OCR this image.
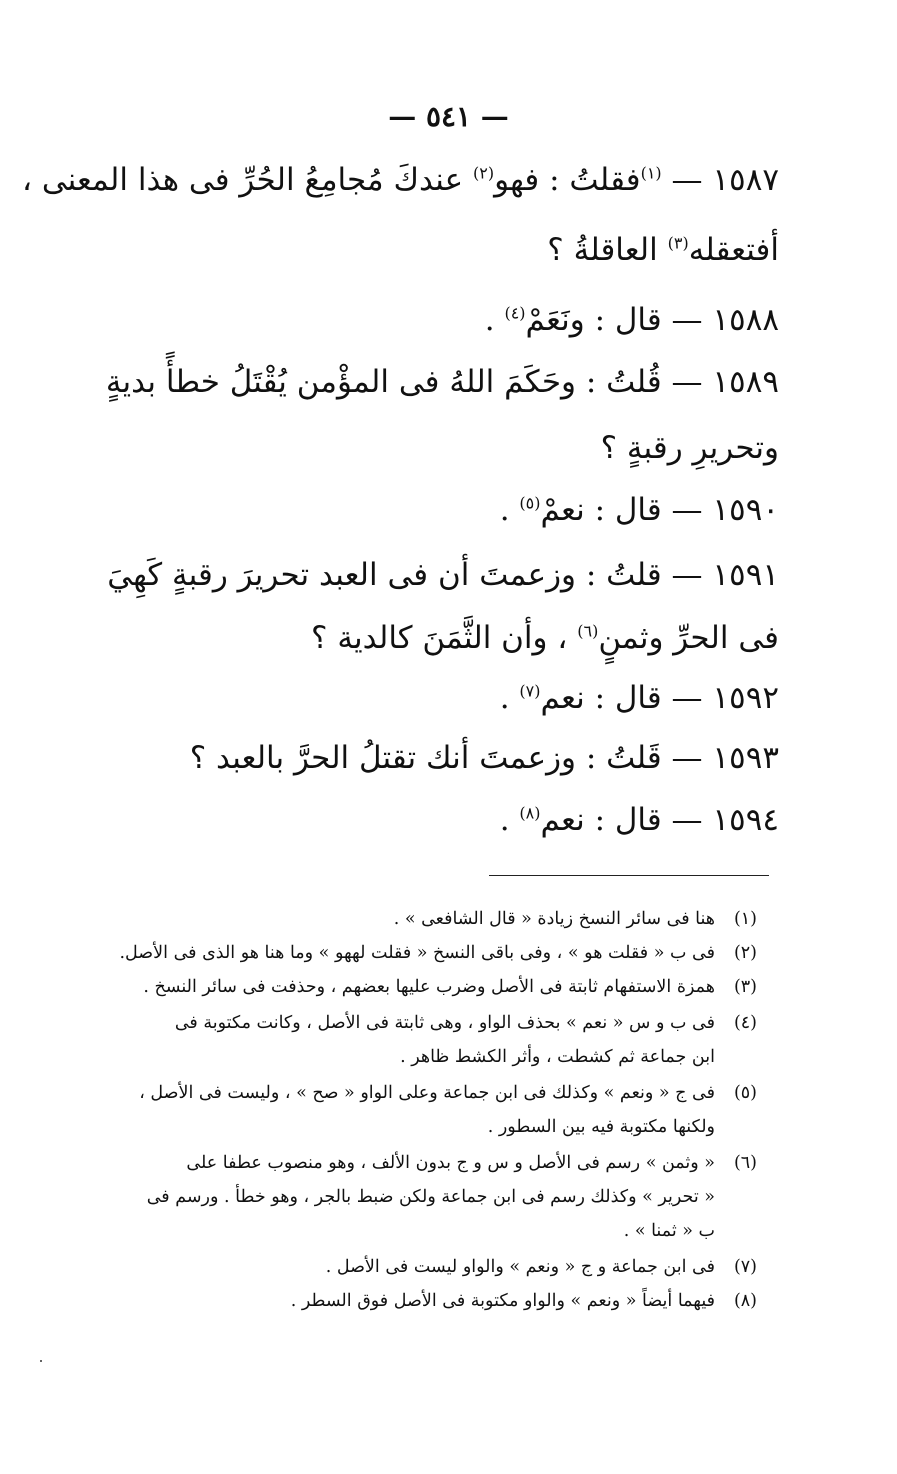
— ٥٤١ —
١٥٨٧ — $^{(١)}$فقلتُ : فهو$^{(٢)}$ عندكَ مُجامِعُ الحُرِّ فى هذا المعنى ،
أفتعقله$^{(٣)}$ العاقلةُ ؟
١٥٨٨ — قال : ونَعَمْ$^{(٤)}$ .
١٥٨٩ — قُلتُ : وحَكَمَ اللهُ فى المؤْمن يُقْتَلُ خطأً بديةٍ
وتحريرِ رقبةٍ ؟
١٥٩٠ — قال : نعمْ$^{(٥)}$ .
١٥٩١ — قلتُ : وزعمتَ أن فى العبد تحريرَ رقبةٍ كَهِيَ
فى الحرِّ وثمنٍ$^{(٦)}$ ، وأن الثَّمَنَ كالدية ؟
١٥٩٢ — قال : نعم$^{(٧)}$ .
١٥٩٣ — قَلتُ : وزعمتَ أنك تقتلُ الحرَّ بالعبد ؟
١٥٩٤ — قال : نعم$^{(٨)}$ .
(١)
هنا فى سائر النسخ زيادة « قال الشافعى » .
(٢)
فى ب « فقلت هو » ، وفى باقى النسخ « فقلت لههو » وما هنا هو الذى فى الأصل.
(٣)
همزة الاستفهام ثابتة فى الأصل وضرب عليها بعضهم ، وحذفت فى سائر النسخ .
(٤)
فى ب و س « نعم » بحذف الواو ، وهى ثابتة فى الأصل ، وكانت مكتوبة فى
ابن جماعة ثم كشطت ، وأثر الكشط ظاهر .
(٥)
فى ج « ونعم » وكذلك فى ابن جماعة وعلى الواو « صح » ، وليست فى الأصل ،
ولكنها مكتوبة فيه بين السطور .
(٦)
« وثمن » رسم فى الأصل و س و ج بدون الألف ، وهو منصوب عطفا على
« تحرير » وكذلك رسم فى ابن جماعة ولكن ضبط بالجر ، وهو خطأ . ورسم فى
ب « ثمنا » .
(٧)
فى ابن جماعة و ج « ونعم » والواو ليست فى الأصل .
(٨)
فيهما أيضاً « ونعم » والواو مكتوبة فى الأصل فوق السطر .
